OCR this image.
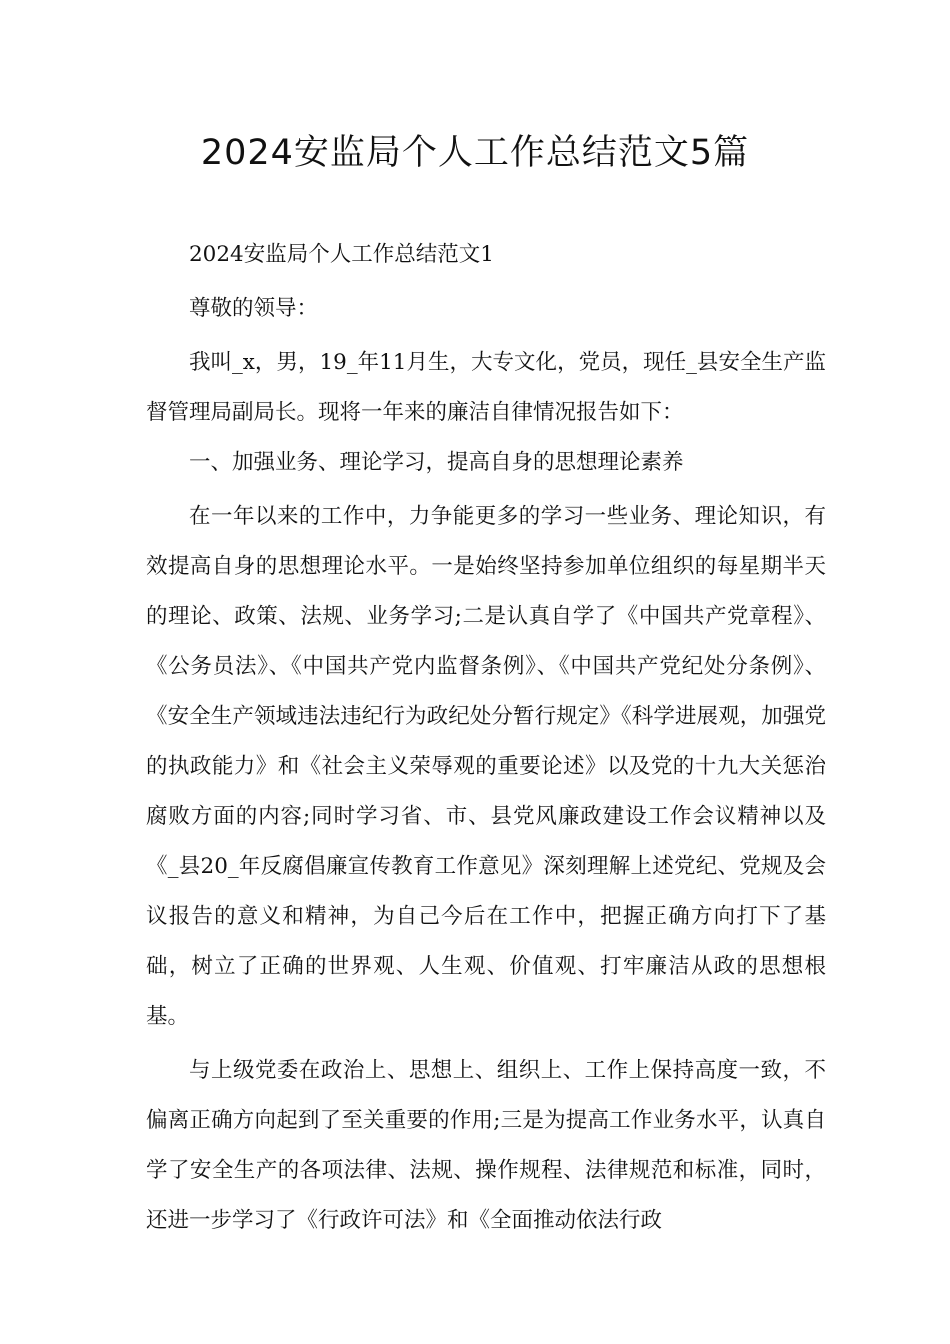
2024安监局个人工作总结范文5篇

2024安监局个人工作总结范文1

尊敬的领导：

我叫_x，男，19_年11月生，大专文化，党员，现任_县安全生产监督管理局副局长。现将一年来的廉洁自律情况报告如下：

一、加强业务、理论学习，提高自身的思想理论素养

在一年以来的工作中，力争能更多的学习一些业务、理论知识，有效提高自身的思想理论水平。一是始终坚持参加单位组织的每星期半天的理论、政策、法规、业务学习;二是认真自学了《中国共产党章程》、《公务员法》、《中国共产党内监督条例》、《中国共产党纪处分条例》、《安全生产领域违法违纪行为政纪处分暂行规定》《科学进展观，加强党的执政能力》和《社会主义荣辱观的重要论述》以及党的十九大关惩治腐败方面的内容;同时学习省、市、县党风廉政建设工作会议精神以及《_县20_年反腐倡廉宣传教育工作意见》深刻理解上述党纪、党规及会议报告的意义和精神，为自己今后在工作中，把握正确方向打下了基础，树立了正确的世界观、人生观、价值观、打牢廉洁从政的思想根基。

与上级党委在政治上、思想上、组织上、工作上保持高度一致，不偏离正确方向起到了至关重要的作用;三是为提高工作业务水平，认真自学了安全生产的各项法律、法规、操作规程、法律规范和标准，同时，还进一步学习了《行政许可法》和《全面推动依法行政
